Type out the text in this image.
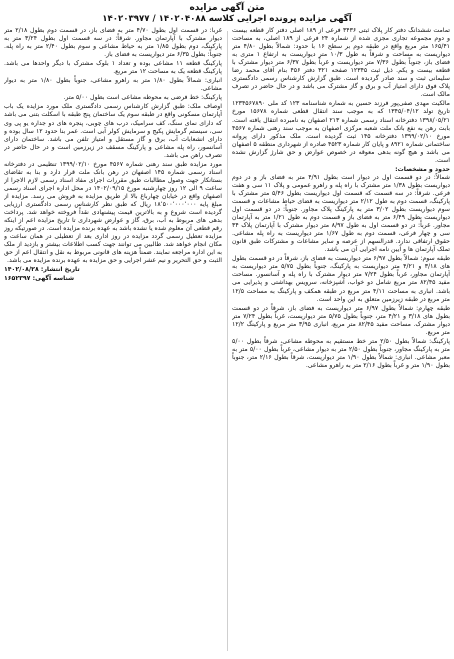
متن آگهی مزایده
آگهی مزایده پرونده اجرایی کلاسه ۱۴۰۲۰۴۰۸۸ / ۱۴۰۲۰۳۹۷۷

تمامت ششدانگ دفتر کار پلاک ثبتی ۳۴۳۶ فرعی از ۱۸۹ اصلی دفتر کار قطعه بیست و دوم مجموعه تجاری مجزی شده از شماره ۲۴ فرعی از ۱۸۹ اصلی، به مساحت ۱۶۵/۴۱ متر مربع واقع در طبقه دوم بر سطح ۱۶ با حدود: شمالاً بطول ۴/۸۰ متر دیواریست به مساحت و شرقاً به طول ۱۰/۳ متر دیواریست به ارتفاع ۱ متری به فضای باز، جنوباً بطول ۷/۳۶ متر دیواریست و غرباً بطول ۶/۳۷ متر دیوار مشترک با قطعه بیست و یکم. ذیل ثبت ۱۲۳۴۵ صفحه ۳۲۱ دفتر ۴۵۶ بنام آقای محمد رضا سلیمانی ثبت و سند صادر گردیده است. طبق گزارش کارشناس رسمی دادگستری پلاک فوق دارای امتیاز آب و برق و گاز مشترک می باشد و در حال حاضر در تصرف مالک است.

مالکیت مهدی صفی‌پور فرزند حسین به شماره شناسنامه ۱۲۳ کد ملی ۱۲۳۴۵۶۷۸۹۰ تاریخ تولد ۱۳۴۵/۰۴/۱۲ که به موجب سند انتقال قطعی شماره ۱۵۶۷۸ مورخ ۱۳۹۸/۰۵/۲۱ دفترخانه اسناد رسمی شماره ۲۱۳ اصفهان به نامبرده انتقال یافته است. بابت رهن به نفع بانک ملت شعبه مرکزی اصفهان به موجب سند رهنی شماره ۴۵۶۷ مورخ ۱۳۹۹/۰۲/۱۰ دفترخانه ۱۴۵ ثبت گردیده است. ملک مذکور دارای پروانه ساختمانی شماره ۸۹۲۱ و پایان کار شماره ۴۵۲۳ صادره از شهرداری منطقه ۵ اصفهان می باشد و هیچ گونه بدهی معوقه در خصوص عوارض و حق شارژ گزارش نشده است.

حدود و مشخصات:

شمالاً: در دو قسمت اول در دیوار است بطول ۴/۹۱ متر به فضای باز و در دوم دیواریست بطول ۱/۳۸ متر مشترک با راه پله و راهرو عمومی و پلاک ۱۱ سی و هفت فرعی. شرقاً: در سه قسمت که قسمت اول دیواریست بطول ۵/۴۶ متر مشترک با پارکینگ، قسمت دوم به طول ۲/۱۲ متر دیواریست به فضای حیاط مشاعات و قسمت سوم دیواریست بطول ۳/۰۲ متر به پارکینگ پلاک مجاور. جنوباً: در دو قسمت اول دیواریست بطول ۶/۴۹ متر به فضای باز و قسمت دوم به طول ۱/۲۱ متر به آپارتمان مجاور. غرباً: در دو قسمت اول به طول ۸/۹۷ متر دیوار مشترک با آپارتمان پلاک ۳۴ سی و چهار فرعی، قسمت دوم به طول ۱/۶۷ متر دیواریست به راه پله مشاعی. حقوق ارتفاقی ندارد. قدرالسهم از عرصه و سایر مشاعات و مشترکات طبق قانون تملک آپارتمان ها و آیین نامه اجرایی آن می باشد.

طبقه سوم: شمالاً بطول ۶/۹۷ متر دیواریست به فضای باز، شرقاً در دو قسمت بطول های ۳/۱۸ و ۴/۲۱ متر دیواریست به پارکینگ، جنوباً بطول ۵/۷۵ متر دیواریست به آپارتمان مجاور، غرباً بطول ۷/۲۴ متر دیوار مشترک با راه پله و آسانسور. مساحت مفید ۸۲/۴۵ متر مربع شامل دو خواب، آشپزخانه، سرویس بهداشتی و پذیرایی می باشد. انباری به مساحت ۴/۱۱ متر مربع در طبقه همکف و پارکینگ به مساحت ۱۲/۵ متر مربع در طبقه زیرزمین متعلق به این واحد است.

طبقه چهارم: شمالاً بطول ۶/۹۷ متر دیواریست به فضای باز، شرقاً در دو قسمت بطول های ۳/۱۸ و ۴/۲۱ متر، جنوباً بطول ۵/۷۵ متر دیواریست، غرباً بطول ۷/۲۴ متر دیوار مشترک. مساحت مفید ۸۲/۴۵ متر مربع، انباری ۳/۹۵ متر مربع و پارکینگ ۱۲/۲ متر مربع.

پارکینگ: شمالاً بطول ۲/۵۰ متر خط مستقیم به محوطه مشاعی، شرقاً بطول ۵/۰۰ متر به پارکینگ مجاور، جنوباً بطول ۲/۵۰ متر به دیوار مشاعی، غرباً بطول ۵/۰۰ متر به معبر مشاعی. انباری: شمالاً بطول ۱/۹۰ متر دیواریست، شرقاً بطول ۲/۱۶ متر، جنوباً بطول ۱/۹۰ متر و غرباً بطول ۲/۱۶ متر به راهرو مشاعی.

غرباً: در قسمت اول بطول ۴/۷۰ متر به فضای باز، در قسمت دوم بطول ۲/۱۸ متر دیوار مشترک با آپارتمان مجاور. شرقاً: در سه قسمت اول بطول ۳/۲۴ متر به پارکینگ، دوم بطول ۱/۸۵ متر به حیاط مشاعی و سوم بطول ۲/۴۰ متر به راه پله. جنوباً: بطول ۶/۳۵ متر دیواریست به فضای باز.

پارکینگ قطعه ۱۱ مشاعی بوده و تعداد ۱ بلوک مشترک با دیگر واحدها می باشد. پارکینگ قطعه یک به مساحت ۱۲ متر مربع.

انباری: شمالاً بطول ۱/۸۰ متر به راهرو مشاعی، جنوباً بطول ۱/۸۰ متر به دیوار مشاعی.

پارکینگ: خط فرضی به محوطه مشاعی است بطول ۵/۰۰ متر.

اوصاف ملک: طبق گزارش کارشناس رسمی دادگستری ملک مورد مزایده یک باب آپارتمان مسکونی واقع در طبقه سوم یک ساختمان پنج طبقه با اسکلت بتنی می باشد که دارای نمای سنگ، کف سرامیک، درب های چوبی، پنجره های دو جداره یو پی وی سی، سیستم گرمایش پکیج و سرمایش کولر آبی است. عمر بنا حدود ۱۲ سال بوده و دارای انشعابات آب، برق و گاز مستقل و امتیاز تلفن می باشد. ساختمان دارای آسانسور، راه پله مشاعی و پارکینگ مسقف در زیرزمین است و در حال حاضر در تصرف راهن می باشد.

مورد مزایده طبق سند رهنی شماره ۴۵۶۷ مورخ ۱۳۹۹/۰۲/۱۰ تنظیمی در دفترخانه اسناد رسمی شماره ۱۴۵ اصفهان در رهن بانک ملت قرار دارد و بنا به تقاضای بستانکار جهت وصول مطالبات طبق مقررات اجرای مفاد اسناد رسمی لازم الاجرا از ساعت ۹ الی ۱۲ روز چهارشنبه مورخ ۱۴۰۲/۰۹/۱۵ در محل اداره اجرای اسناد رسمی اصفهان واقع در خیابان چهارباغ بالا از طریق مزایده به فروش می رسد. مزایده از مبلغ پایه ۱۸٬۵۰۰٬۰۰۰٬۰۰۰ ریال که طبق نظر کارشناس رسمی دادگستری ارزیابی گردیده است شروع و به بالاترین قیمت پیشنهادی نقداً فروخته خواهد شد. پرداخت بدهی های مربوط به آب، برق، گاز و عوارض شهرداری تا تاریخ مزایده اعم از اینکه رقم قطعی آن معلوم شده یا نشده باشد به عهده برنده مزایده است. در صورتیکه روز مزایده تعطیل رسمی گردد مزایده در روز اداری بعد از تعطیلی در همان ساعت و مکان انجام خواهد شد. طالبین می توانند جهت کسب اطلاعات بیشتر و بازدید از ملک به این اداره مراجعه نمایند. ضمناً هزینه های قانونی مربوط به نقل و انتقال اعم از حق الثبت و حق التحریر و نیم عشر اجرایی و حق مزایده به عهده برنده مزایده می باشد.

تاریخ انتشار: ۱۴۰۲/۰۸/۲۸

شناسه آگهی: ۱۶۵۲۳۹۷
